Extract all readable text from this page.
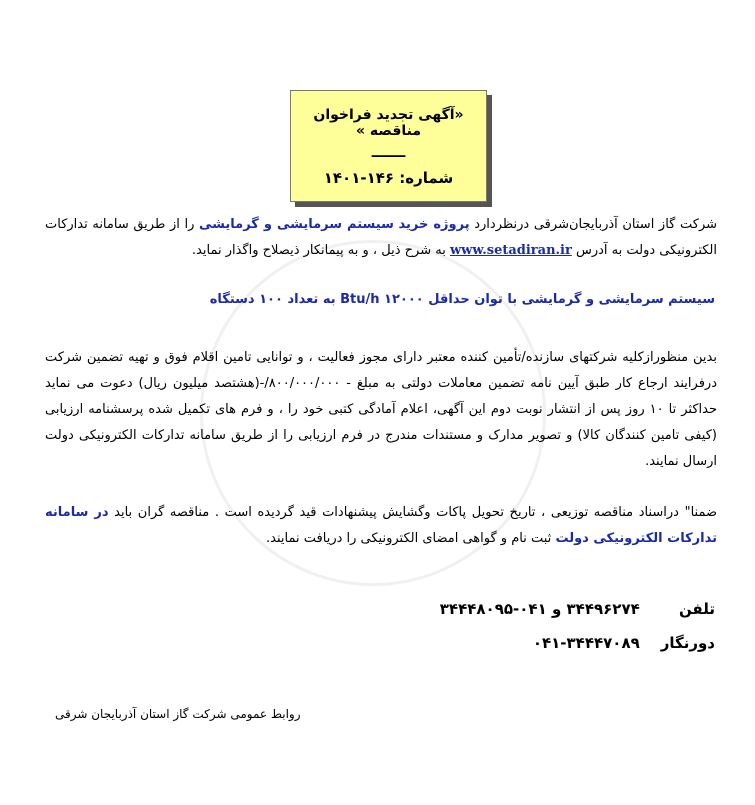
«آگهی تجدید فراخوان مناقصه »
ـــــــ
شماره: ۱۴۶-۱۴۰۱
شرکت گاز استان آذربایجان‌شرقی درنظردارد پروژه خرید سیستم سرمایشی و گرمایشی را از طریق سامانه تدارکات الکترونیکی دولت به آدرس www.setadiran.ir به شرح ذیل ، و به پیمانکار ذیصلاح واگذار نماید.
سیستم سرمایشی و گرمایشی با توان حداقل Btu/h ۱۲۰۰۰ به تعداد ۱۰۰ دستگاه
بدین منظورازکلیه شرکتهای سازنده/تأمین کننده معتبر دارای مجوز فعالیت ، و توانایی تامین اقلام فوق و تهیه تضمین شرکت درفرایند ارجاع کار طبق آیین نامه تضمین معاملات دولتی به مبلغ - ۸۰۰/۰۰۰/۰۰۰/-(هشتصد میلیون ریال) دعوت می نماید حداکثر تا ۱۰ روز پس از انتشار نوبت دوم این آگهی، اعلام آمادگی کتبی خود را ، و فرم های تکمیل شده پرسشنامه ارزیابی (کیفی تامین کنندگان کالا) و تصویر مدارک و مستندات مندرج در فرم ارزیابی را از طریق سامانه تدارکات الکترونیکی دولت ارسال نمایند.
ضمنا" دراسناد مناقصه توزیعی ، تاریخ تحویل پاکات وگشایش پیشنهادات قید گردیده است . مناقصه گران باید در سامانه تدارکات الکترونیکی دولت ثبت نام و گواهی امضای الکترونیکی را دریافت نمایند.
تلفن ۳۴۴۹۶۲۷۴ و ۰۴۱-۳۴۴۴۸۰۹۵
دورنگار ۰۴۱-۳۴۴۴۷۰۸۹
روابط عمومی شرکت گاز استان آذربایجان شرقی
